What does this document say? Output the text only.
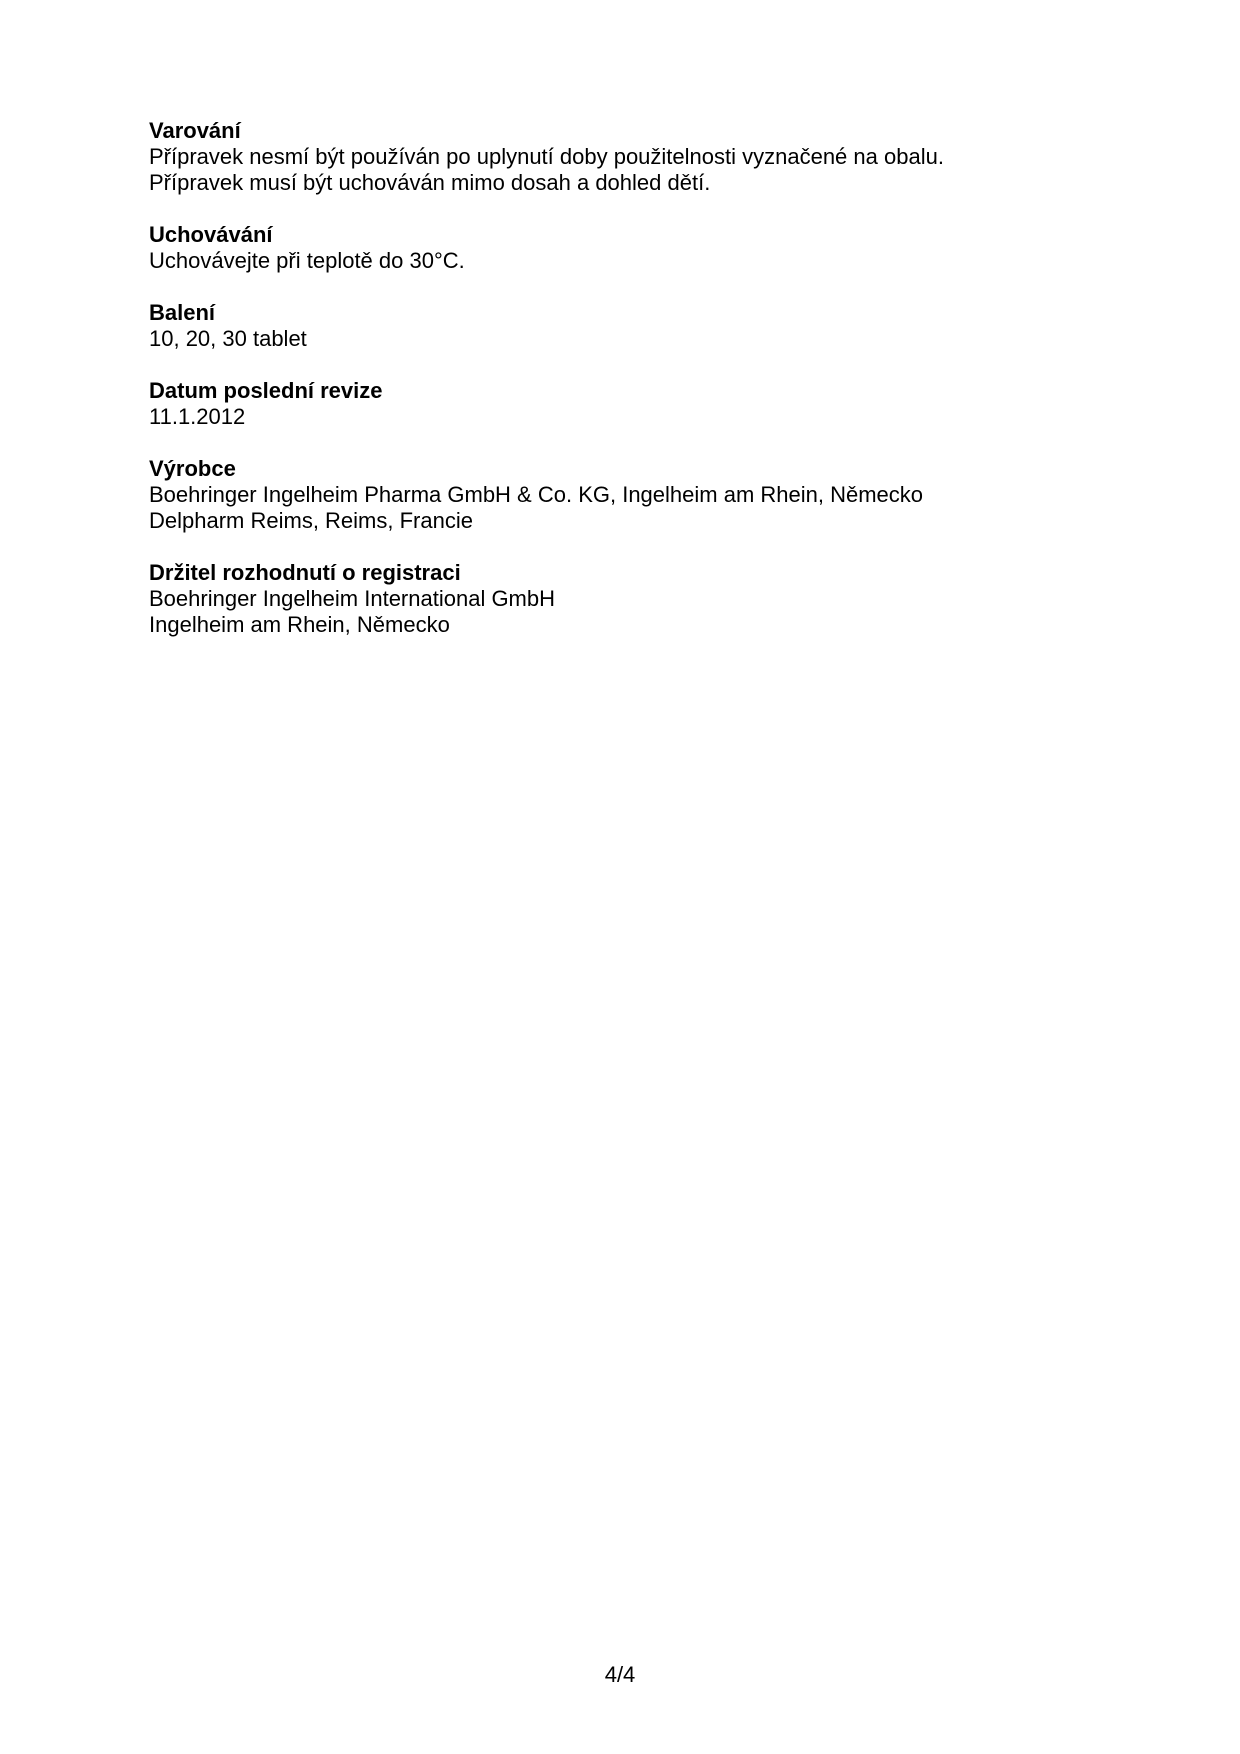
Varování

Přípravek nesmí být používán po uplynutí doby použitelnosti vyznačené na obalu.

Přípravek musí být uchováván mimo dosah a dohled dětí.

Uchovávání

Uchovávejte při teplotě do 30°C.

Balení

10, 20, 30 tablet

Datum poslední revize

11.1.2012

Výrobce

Boehringer Ingelheim Pharma GmbH & Co. KG, Ingelheim am Rhein, Německo

Delpharm Reims, Reims, Francie

Držitel rozhodnutí o registraci

Boehringer Ingelheim International GmbH

Ingelheim am Rhein, Německo

4/4
